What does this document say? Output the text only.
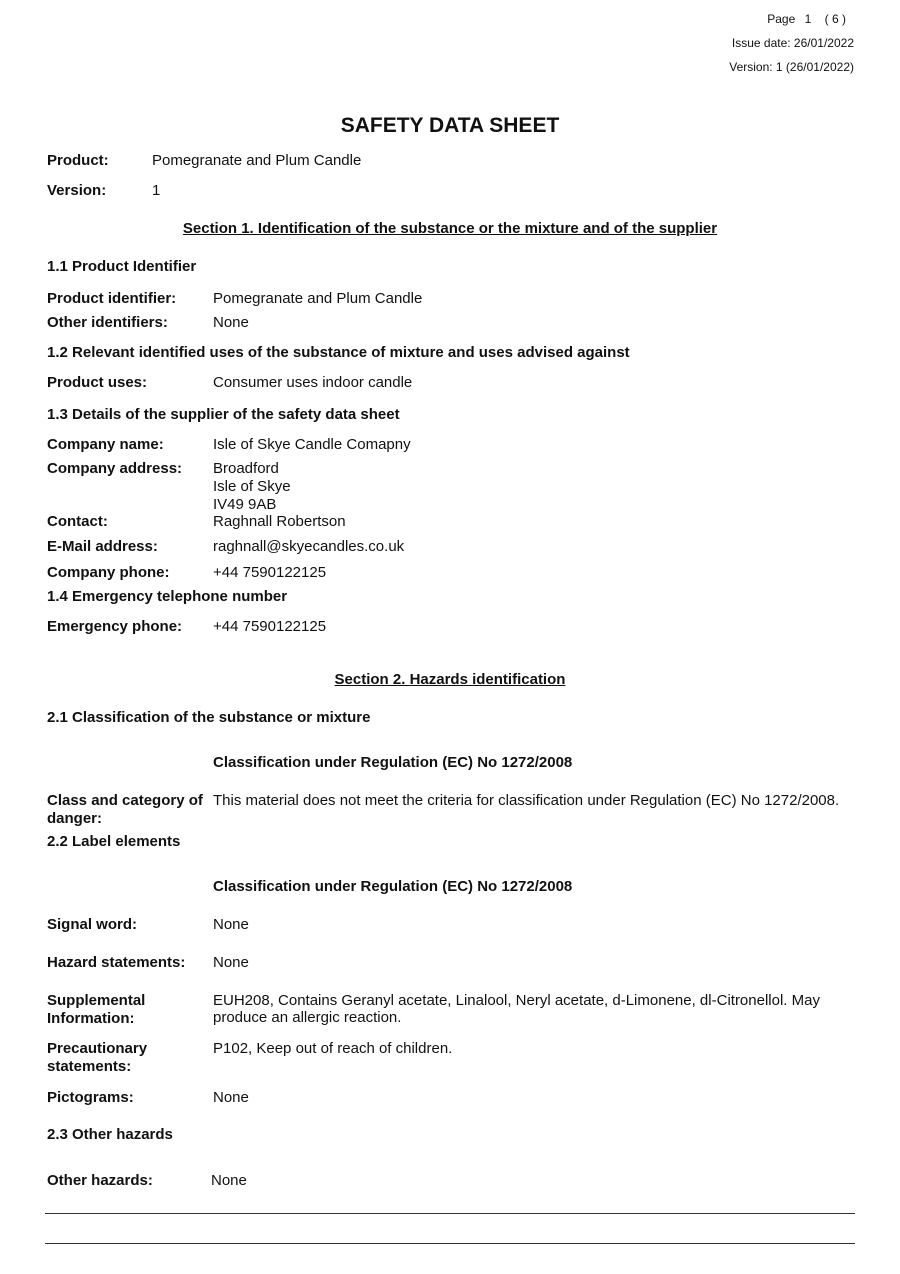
Page 1 ( 6 )
Issue date: 26/01/2022
Version: 1 (26/01/2022)
SAFETY DATA SHEET
Product:	Pomegranate and Plum Candle
Version:	1
Section 1. Identification of the substance or the mixture and of the supplier
1.1 Product Identifier
Product identifier: Pomegranate and Plum Candle
Other identifiers:	None
1.2 Relevant identified uses of the substance of mixture and uses advised against
Product uses:	Consumer uses indoor candle
1.3 Details of the supplier of the safety data sheet
Company name:	Isle of Skye Candle Comapny
Company address: Broadford
Isle of Skye
IV49 9AB
Contact:	Raghnall Robertson
E-Mail address:	raghnall@skyecandles.co.uk
Company phone:	+44 7590122125
1.4 Emergency telephone number
Emergency phone: +44 7590122125
Section 2. Hazards identification
2.1 Classification of the substance or mixture
Classification under Regulation (EC) No 1272/2008
Class and category of
danger:
This material does not meet the criteria for classification under Regulation (EC) No 1272/2008.
2.2 Label elements
Classification under Regulation (EC) No 1272/2008
Signal word:	None
Hazard statements: None
Supplemental
Information:
EUH208, Contains Geranyl acetate, Linalool, Neryl acetate, d-Limonene, dl-Citronellol. May produce an allergic reaction.
Precautionary
statements:
P102, Keep out of reach of children.
Pictograms:	None
2.3 Other hazards
Other hazards:	None
